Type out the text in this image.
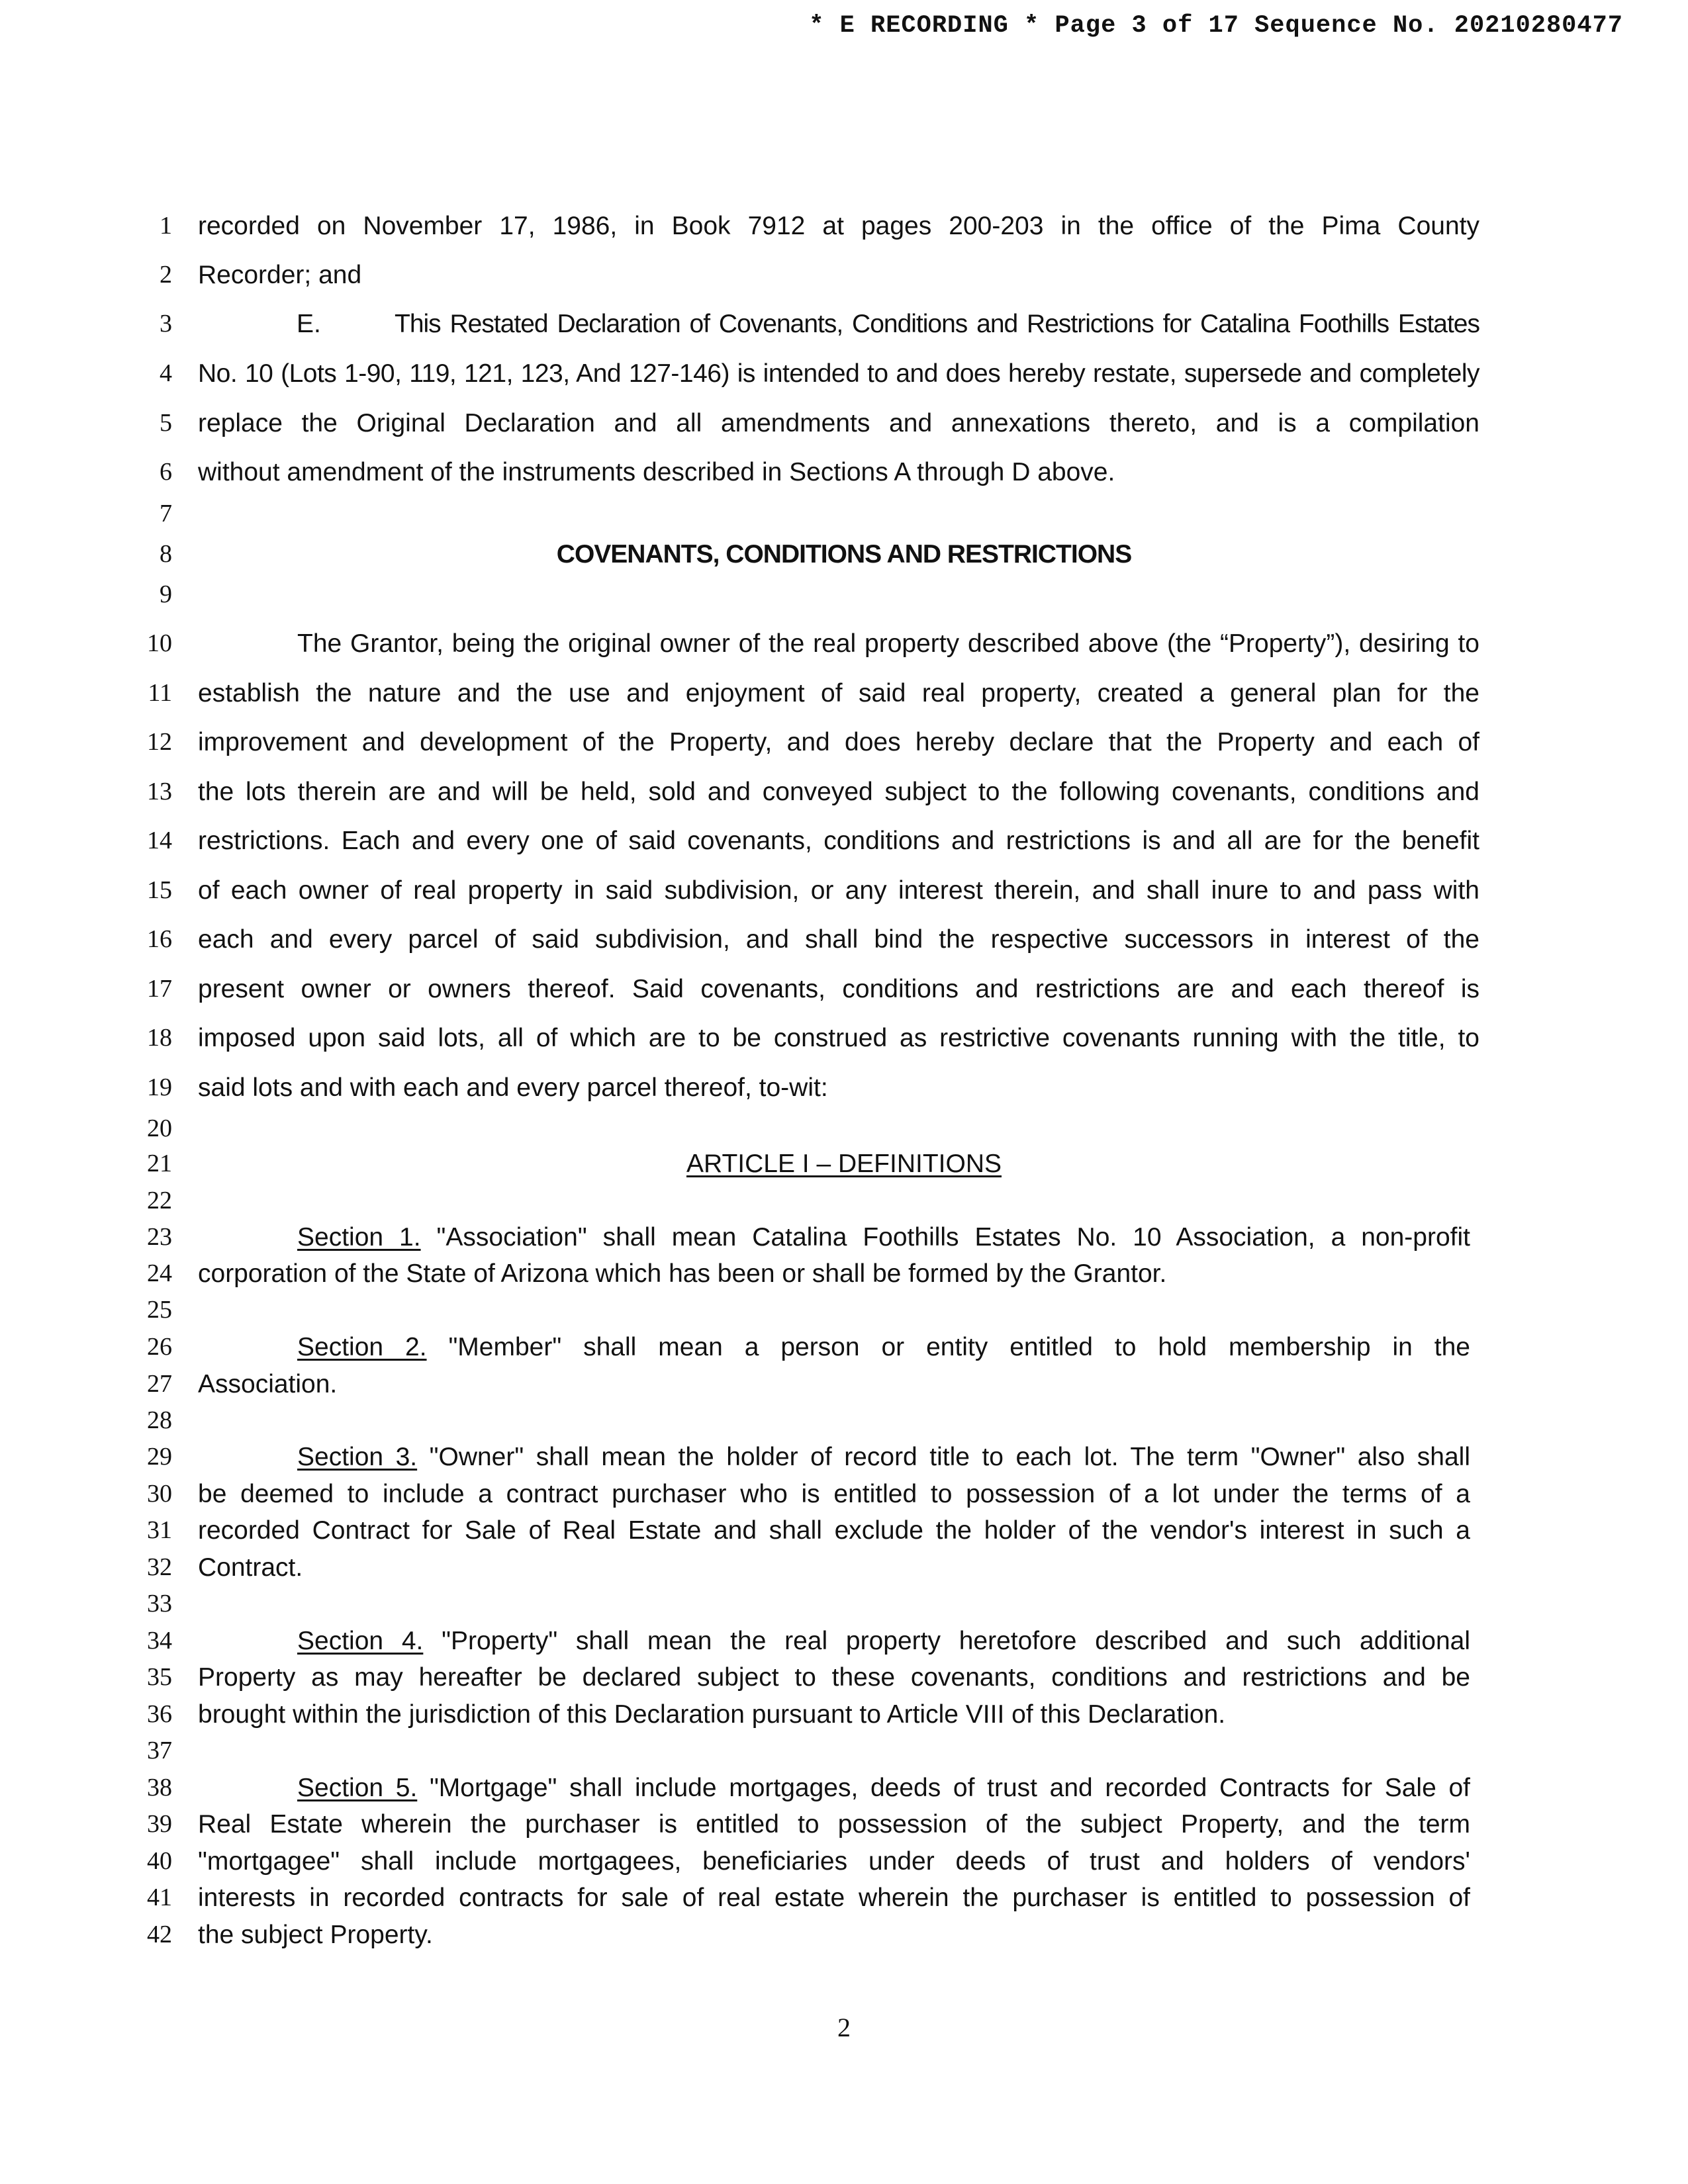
* E RECORDING * Page 3 of 17 Sequence No. 20210280477
1
2
3
4
5
6
7
8
9
10
11
12
13
14
15
16
17
18
19
20
21
22
23
24
25
26
27
28
29
30
31
32
33
34
35
36
37
38
39
40
41
42
recorded on November 17, 1986, in Book 7912 at pages 200-203 in the office of the Pima County
Recorder; and
E.	This Restated Declaration of Covenants, Conditions and Restrictions for Catalina Foothills Estates
No. 10 (Lots 1-90, 119, 121, 123, And 127-146) is intended to and does hereby restate, supersede and completely
replace the Original Declaration and all amendments and annexations thereto, and is a compilation
without amendment of the instruments described in Sections A through D above.
COVENANTS, CONDITIONS AND RESTRICTIONS
The Grantor, being the original owner of the real property described above (the “Property”), desiring to
establish the nature and the use and enjoyment of said real property, created a general plan for the
improvement and development of the Property, and does hereby declare that the Property and each of
the lots therein are and will be held, sold and conveyed subject to the following covenants, conditions and
restrictions. Each and every one of said covenants, conditions and restrictions is and all are for the benefit
of each owner of real property in said subdivision, or any interest therein, and shall inure to and pass with
each and every parcel of said subdivision, and shall bind the respective successors in interest of the
present owner or owners thereof. Said covenants, conditions and restrictions are and each thereof is
imposed upon said lots, all of which are to be construed as restrictive covenants running with the title, to
said lots and with each and every parcel thereof, to-wit:
ARTICLE I – DEFINITIONS
Section 1. "Association" shall mean Catalina Foothills Estates No. 10 Association, a non-profit
corporation of the State of Arizona which has been or shall be formed by the Grantor.
Section 2. "Member" shall mean a person or entity entitled to hold membership in the
Association.
Section 3. "Owner" shall mean the holder of record title to each lot. The term "Owner" also shall
be deemed to include a contract purchaser who is entitled to possession of a lot under the terms of a
recorded Contract for Sale of Real Estate and shall exclude the holder of the vendor's interest in such a
Contract.
Section 4. "Property" shall mean the real property heretofore described and such additional
Property as may hereafter be declared subject to these covenants, conditions and restrictions and be
brought within the jurisdiction of this Declaration pursuant to Article VIII of this Declaration.
Section 5. "Mortgage" shall include mortgages, deeds of trust and recorded Contracts for Sale of
Real Estate wherein the purchaser is entitled to possession of the subject Property, and the term
"mortgagee" shall include mortgagees, beneficiaries under deeds of trust and holders of vendors'
interests in recorded contracts for sale of real estate wherein the purchaser is entitled to possession of
the subject Property.
2
